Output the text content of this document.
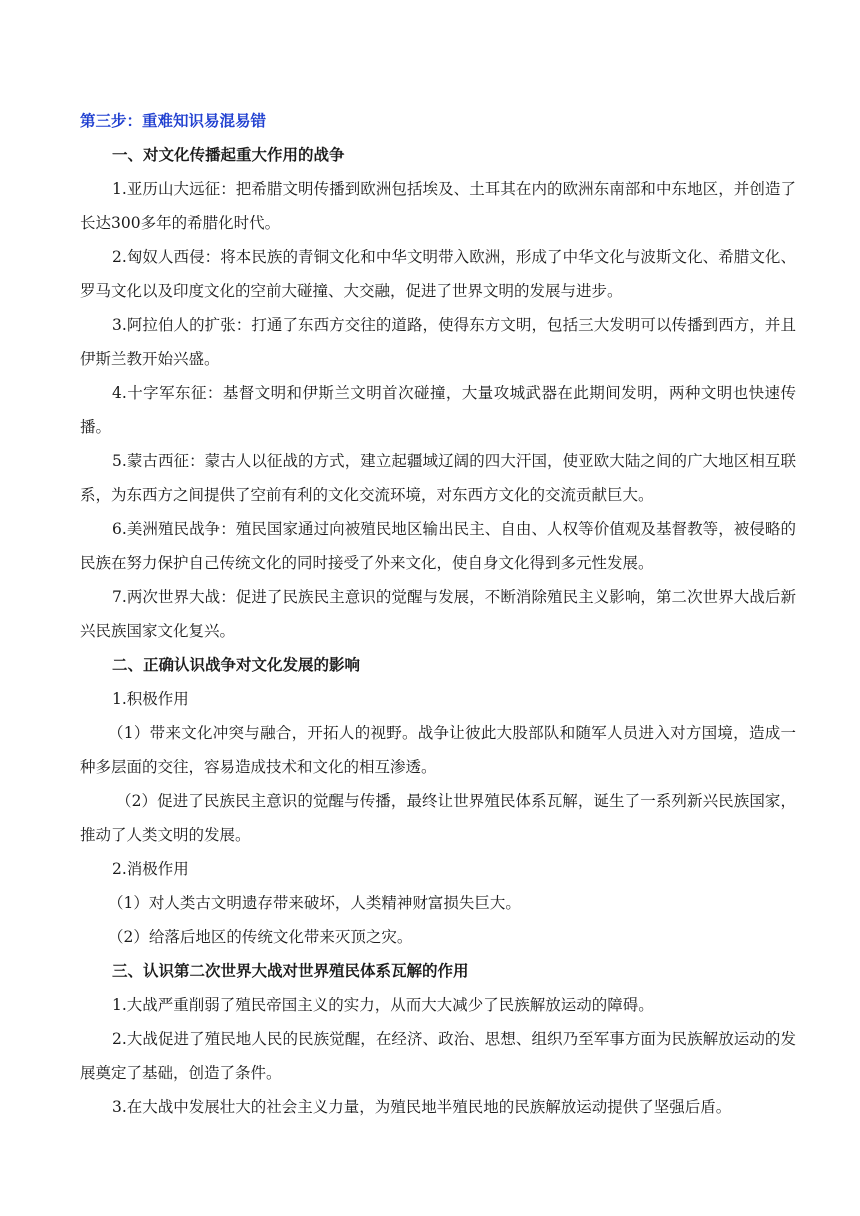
第三步：重难知识易混易错
一、对文化传播起重大作用的战争

1.亚历山大远征：把希腊文明传播到欧洲包括埃及、土耳其在内的欧洲东南部和中东地区，并创造了长达300多年的希腊化时代。

2.匈奴人西侵：将本民族的青铜文化和中华文明带入欧洲，形成了中华文化与波斯文化、希腊文化、罗马文化以及印度文化的空前大碰撞、大交融，促进了世界文明的发展与进步。

3.阿拉伯人的扩张：打通了东西方交往的道路，使得东方文明，包括三大发明可以传播到西方，并且伊斯兰教开始兴盛。

4.十字军东征：基督文明和伊斯兰文明首次碰撞，大量攻城武器在此期间发明，两种文明也快速传播。

5.蒙古西征：蒙古人以征战的方式，建立起疆域辽阔的四大汗国，使亚欧大陆之间的广大地区相互联系，为东西方之间提供了空前有利的文化交流环境，对东西方文化的交流贡献巨大。

6.美洲殖民战争：殖民国家通过向被殖民地区输出民主、自由、人权等价值观及基督教等，被侵略的民族在努力保护自己传统文化的同时接受了外来文化，使自身文化得到多元性发展。

7.两次世界大战：促进了民族民主意识的觉醒与发展，不断消除殖民主义影响，第二次世界大战后新兴民族国家文化复兴。

二、正确认识战争对文化发展的影响

1.积极作用

（1）带来文化冲突与融合，开拓人的视野。战争让彼此大股部队和随军人员进入对方国境，造成一种多层面的交往，容易造成技术和文化的相互渗透。

（2）促进了民族民主意识的觉醒与传播，最终让世界殖民体系瓦解，诞生了一系列新兴民族国家，推动了人类文明的发展。

2.消极作用

（1）对人类古文明遗存带来破坏，人类精神财富损失巨大。

（2）给落后地区的传统文化带来灭顶之灾。

三、认识第二次世界大战对世界殖民体系瓦解的作用

1.大战严重削弱了殖民帝国主义的实力，从而大大减少了民族解放运动的障碍。

2.大战促进了殖民地人民的民族觉醒，在经济、政治、思想、组织乃至军事方面为民族解放运动的发展奠定了基础，创造了条件。

3.在大战中发展壮大的社会主义力量，为殖民地半殖民地的民族解放运动提供了坚强后盾。
